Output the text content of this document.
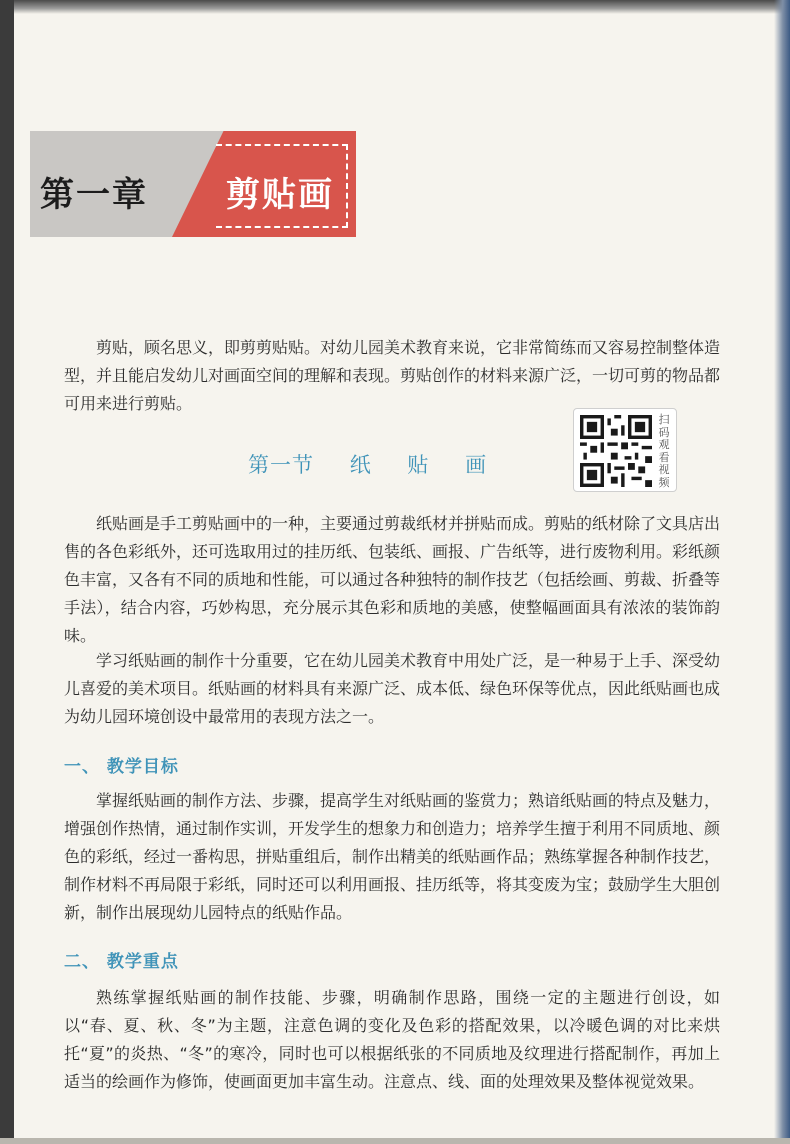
第一章 剪贴画
剪贴，顾名思义，即剪剪贴贴。对幼儿园美术教育来说，它非常简练而又容易控制整体造型，并且能启发幼儿对画面空间的理解和表现。剪贴创作的材料来源广泛，一切可剪的物品都可用来进行剪贴。
第一节 纸 贴 画
扫码观看视频
纸贴画是手工剪贴画中的一种，主要通过剪裁纸材并拼贴而成。剪贴的纸材除了文具店出售的各色彩纸外，还可选取用过的挂历纸、包装纸、画报、广告纸等，进行废物利用。彩纸颜色丰富，又各有不同的质地和性能，可以通过各种独特的制作技艺（包括绘画、剪裁、折叠等手法），结合内容，巧妙构思，充分展示其色彩和质地的美感，使整幅画面具有浓浓的装饰韵味。
学习纸贴画的制作十分重要，它在幼儿园美术教育中用处广泛，是一种易于上手、深受幼儿喜爱的美术项目。纸贴画的材料具有来源广泛、成本低、绿色环保等优点，因此纸贴画也成为幼儿园环境创设中最常用的表现方法之一。
一、 教学目标
掌握纸贴画的制作方法、步骤，提高学生对纸贴画的鉴赏力；熟谙纸贴画的特点及魅力，增强创作热情，通过制作实训，开发学生的想象力和创造力；培养学生擅于利用不同质地、颜色的彩纸，经过一番构思，拼贴重组后，制作出精美的纸贴画作品；熟练掌握各种制作技艺，制作材料不再局限于彩纸，同时还可以利用画报、挂历纸等，将其变废为宝；鼓励学生大胆创新，制作出展现幼儿园特点的纸贴作品。
二、 教学重点
熟练掌握纸贴画的制作技能、步骤，明确制作思路，围绕一定的主题进行创设，如以“春、夏、秋、冬”为主题，注意色调的变化及色彩的搭配效果，以冷暖色调的对比来烘托“夏”的炎热、“冬”的寒冷，同时也可以根据纸张的不同质地及纹理进行搭配制作，再加上适当的绘画作为修饰，使画面更加丰富生动。注意点、线、面的处理效果及整体视觉效果。
